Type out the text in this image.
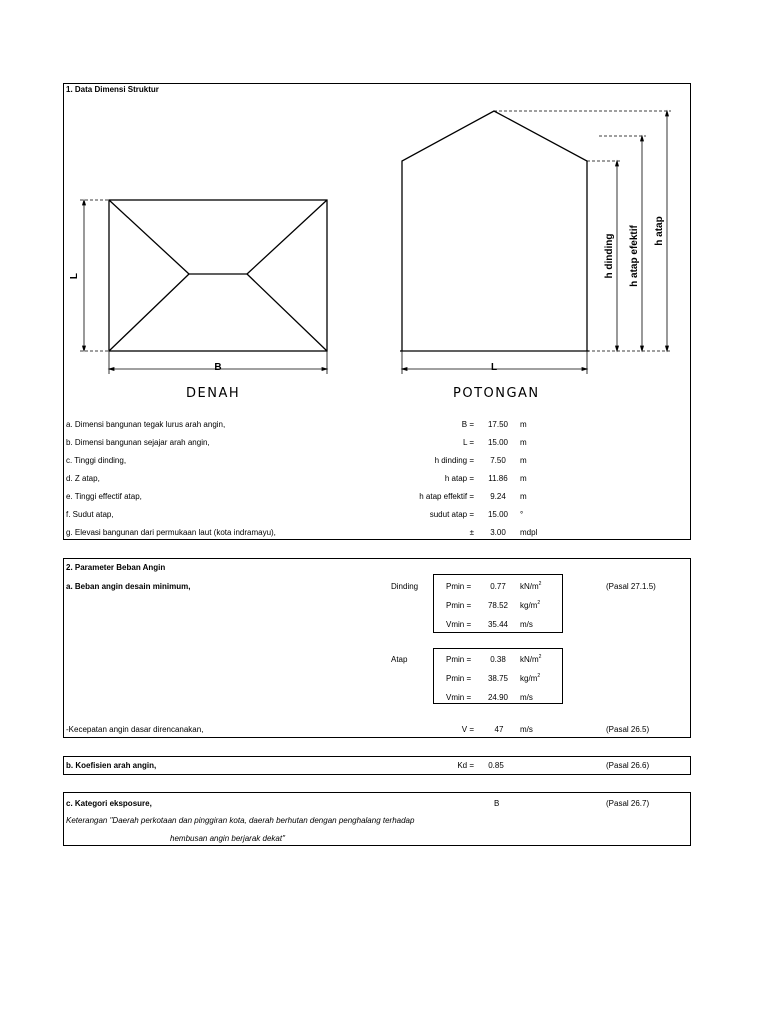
1. Data Dimensi Struktur
L
B	L
h dinding h atap efektif h atap
DENAH	POTONGAN
a. Dimensi bangunan tegak lurus arah angin,	B =	17.50	m
b. Dimensi bangunan sejajar arah angin,	L =	15.00	m
c. Tinggi dinding,	h dinding =	7.50	m
d. Z atap,	h atap =	11.86	m
e. Tinggi effectif atap,	h atap effektif =	9.24	m
f. Sudut atap,	sudut atap =	15.00	°
g. Elevasi bangunan dari permukaan laut (kota indramayu),	±	3.00	mdpl
2. Parameter Beban Angin
a. Beban angin desain minimum,	Dinding	(Pasal 27.1.5)
Pmin =	0.77	$kN/m^2$
Pmin =	78.52	$kg/m^2$
Vmin =	35.44	m/s
Atap	Pmin =	0.38	$kN/m^2$
Pmin =	38.75	$kg/m^2$
Vmin =	24.90	m/s
-Kecepatan angin dasar direncanakan,	V =	47	m/s	(Pasal 26.5)
b. Koefisien arah angin,	Kd =	0.85	(Pasal 26.6)
c. Kategori eksposure,	B	(Pasal 26.7)
Keterangan "Daerah perkotaan dan pinggiran kota, daerah berhutan dengan penghalang terhadap
hembusan angin berjarak dekat"
